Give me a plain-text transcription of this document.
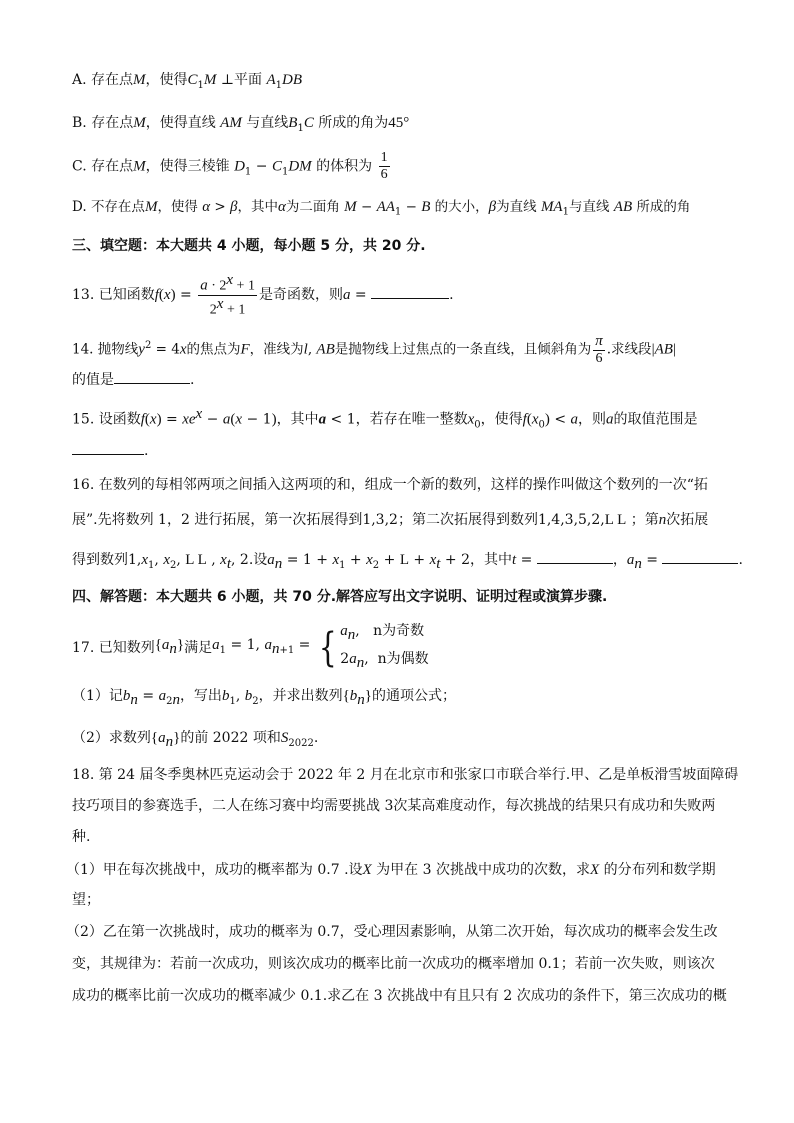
A. 存在点M，使得$C_1M$ ⊥平面 $A_1DB$
B. 存在点M，使得直线 AM 与直线$B_1C$ 所成的角为45°
C. 存在点M，使得三棱锥 $D_1 - C_1DM$ 的体积为 $\frac{1}{6}$
D. 不存在点M，使得 α > β，其中α为二面角 $M - AA_1 - B$ 的大小，β为直线 $MA_1$与直线 AB 所成的角
三、填空题：本大题共 4 小题，每小题 5 分，共 20 分.
13. 已知函数$f(x) = \frac{a \cdot 2^x + 1}{2^x + 1}$ 是奇函数，则a =	.
14. 抛物线$y^2 = 4x$的焦点为F，准线为l, AB是抛物线上过焦点的一条直线，且倾斜角为 $\frac{\pi}{6}$ .求线段|AB|
的值是	.
15. 设函数$f(x) = xe^x - a(x - 1)$，其中a < 1，若存在唯一整数$x_0$，使得$f(x_0) < a$，则a的取值范围是
.
16. 在数列的每相邻两项之间插入这两项的和，组成一个新的数列，这样的操作叫做这个数列的一次“拓
展”.先将数列 1，2 进行拓展，第一次拓展得到1,3,2；第二次拓展得到数列1,4,3,5,2,L L ；第n次拓展
得到数列$1,x_1$, $x_2$, L L , $x_t$, 2.设$a_n = 1 + x_1 + x_2 + L + x_t + 2$，其中t =	，$a_n$ =	.
四、解答题：本大题共 6 小题，共 70 分.解答应写出文字说明、证明过程或演算步骤.
17. 已知数列$\{a_n\}$满足$a_1 = 1$, $a_{n+1}$ = { $a_n$,   n为奇数
$2a_n$,  n为偶数
（1）记$b_n = a_{2n}$，写出$b_1$, $b_2$，并求出数列$\{b_n\}$的通项公式；
（2）求数列$\{a_n\}$的前 2022 项和$S_{2022}$.
18. 第 24 届冬季奥林匹克运动会于 2022 年 2 月在北京市和张家口市联合举行.甲、乙是单板滑雪坡面障碍
技巧项目的参赛选手，二人在练习赛中均需要挑战 3次某高难度动作，每次挑战的结果只有成功和失败两
种.
（1）甲在每次挑战中，成功的概率都为 0.7 .设X 为甲在 3 次挑战中成功的次数，求X 的分布列和数学期
望；
（2）乙在第一次挑战时，成功的概率为 0.7，受心理因素影响，从第二次开始，每次成功的概率会发生改
变，其规律为：若前一次成功，则该次成功的概率比前一次成功的概率增加 0.1；若前一次失败，则该次
成功的概率比前一次成功的概率减少 0.1.求乙在 3 次挑战中有且只有 2 次成功的条件下，第三次成功的概
